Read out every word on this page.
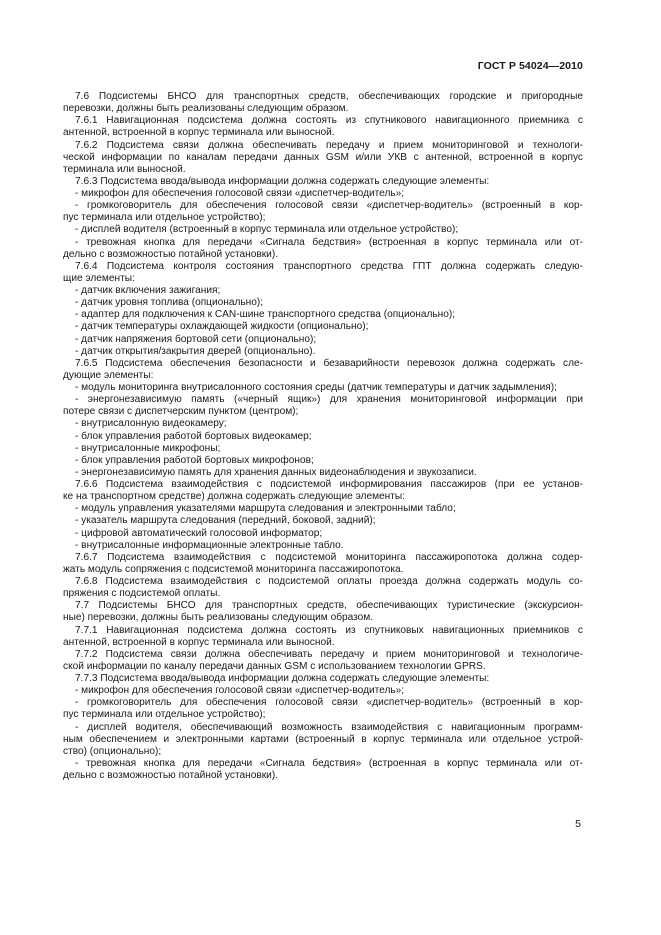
ГОСТ Р 54024—2010
7.6 Подсистемы БНСО для транспортных средств, обеспечивающих городские и пригородные
перевозки, должны быть реализованы следующим образом.
7.6.1 Навигационная подсистема должна состоять из спутникового навигационного приемника с
антенной, встроенной в корпус терминала или выносной.
7.6.2 Подсистема связи должна обеспечивать передачу и прием мониторинговой и технологи-
ческой информации по каналам передачи данных GSM и/или УКВ с антенной, встроенной в корпус
терминала или выносной.
7.6.3 Подсистема ввода/вывода информации должна содержать следующие элементы:
- микрофон для обеспечения голосовой связи «диспетчер-водитель»;
- громкоговоритель для обеспечения голосовой связи «диспетчер-водитель» (встроенный в кор-
пус терминала или отдельное устройство);
- дисплей водителя (встроенный в корпус терминала или отдельное устройство);
- тревожная кнопка для передачи «Сигнала бедствия» (встроенная в корпус терминала или от-
дельно с возможностью потайной установки).
7.6.4 Подсистема контроля состояния транспортного средства ГПТ должна содержать следую-
щие элементы:
- датчик включения зажигания;
- датчик уровня топлива (опционально);
- адаптер для подключения к CAN-шине транспортного средства (опционально);
- датчик температуры охлаждающей жидкости (опционально);
- датчик напряжения бортовой сети (опционально);
- датчик открытия/закрытия дверей (опционально).
7.6.5 Подсистема обеспечения безопасности и безаварийности перевозок должна содержать сле-
дующие элементы:
- модуль мониторинга внутрисалонного состояния среды (датчик температуры и датчик задымления);
- энергонезависимую память («черный ящик») для хранения мониторинговой информации при
потере связи с диспетчерским пунктом (центром);
- внутрисалонную видеокамеру;
- блок управления работой бортовых видеокамер;
- внутрисалонные микрофоны;
- блок управления работой бортовых микрофонов;
- энергонезависимую память для хранения данных видеонаблюдения и звукозаписи.
7.6.6 Подсистема взаимодействия с подсистемой информирования пассажиров (при ее установ-
ке на транспортном средстве) должна содержать следующие элементы:
- модуль управления указателями маршрута следования и электронными табло;
- указатель маршрута следования (передний, боковой, задний);
- цифровой автоматический голосовой информатор;
- внутрисалонные информационные электронные табло.
7.6.7 Подсистема взаимодействия с подсистемой мониторинга пассажиропотока должна содер-
жать модуль сопряжения с подсистемой мониторинга пассажиропотока.
7.6.8 Подсистема взаимодействия с подсистемой оплаты проезда должна содержать модуль со-
пряжения с подсистемой оплаты.
7.7 Подсистемы БНСО для транспортных средств, обеспечивающих туристические (экскурсион-
ные) перевозки, должны быть реализованы следующим образом.
7.7.1 Навигационная подсистема должна состоять из спутниковых навигационных приемников с
антенной, встроенной в корпус терминала или выносной.
7.7.2 Подсистема связи должна обеспечивать передачу и прием мониторинговой и технологиче-
ской информации по каналу передачи данных GSM с использованием технологии GPRS.
7.7.3 Подсистема ввода/вывода информации должна содержать следующие элементы:
- микрофон для обеспечения голосовой связи «диспетчер-водитель»;
- громкоговоритель для обеспечения голосовой связи «диспетчер-водитель» (встроенный в кор-
пус терминала или отдельное устройство);
- дисплей водителя, обеспечивающий возможность взаимодействия с навигационным программ-
ным обеспечением и электронными картами (встроенный в корпус терминала или отдельное устрой-
ство) (опционально);
- тревожная кнопка для передачи «Сигнала бедствия» (встроенная в корпус терминала или от-
дельно с возможностью потайной установки).
5
